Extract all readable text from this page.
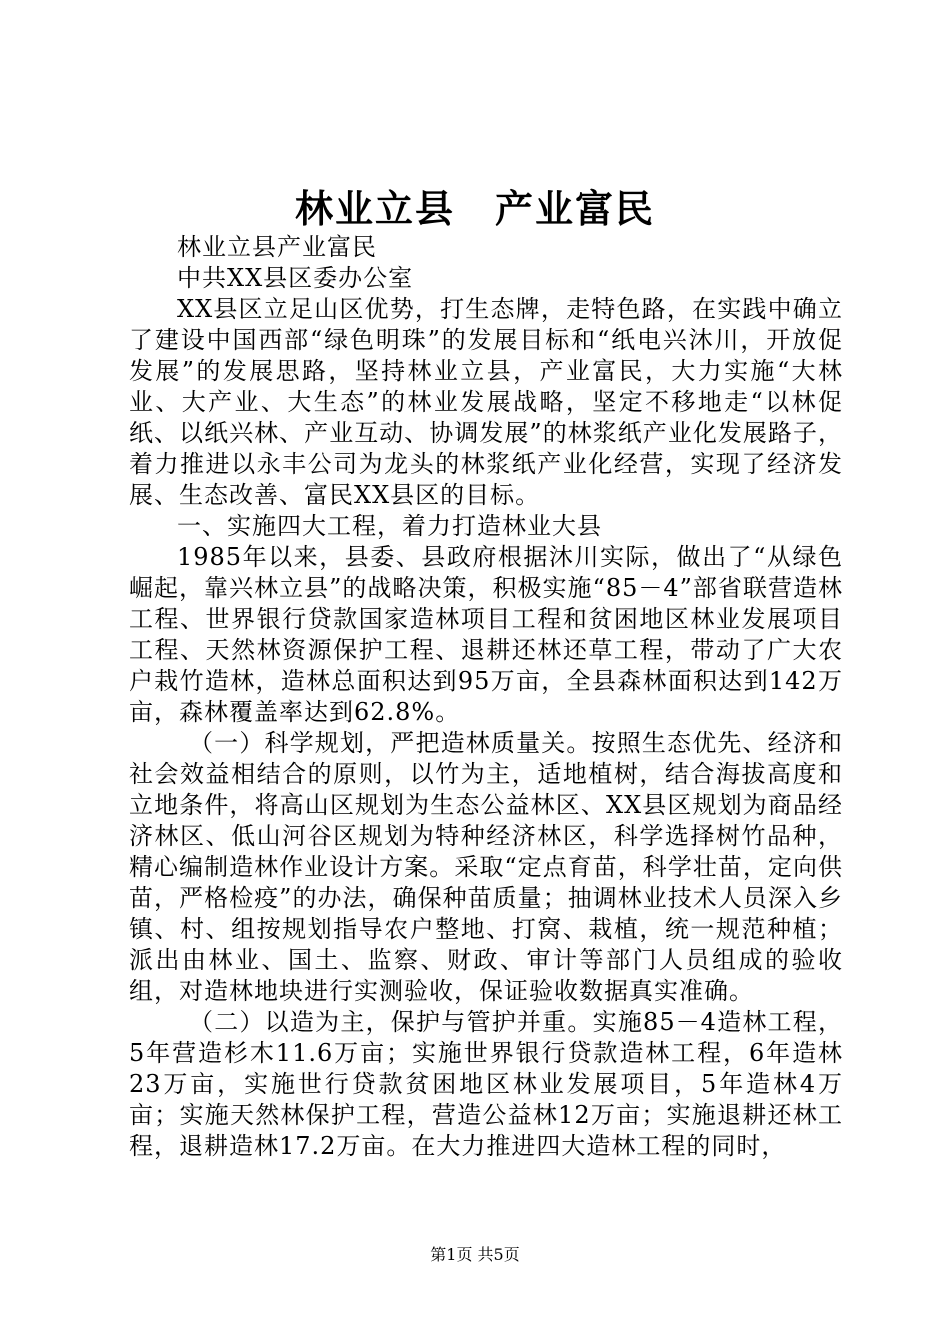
林业立县　产业富民

林业立县产业富民

中共XX县区委办公室

XX县区立足山区优势，打生态牌，走特色路，在实践中确立了建设中国西部“绿色明珠”的发展目标和“纸电兴沐川，开放促发展”的发展思路，坚持林业立县，产业富民，大力实施“大林业、大产业、大生态”的林业发展战略，坚定不移地走“以林促纸、以纸兴林、产业互动、协调发展”的林浆纸产业化发展路子，着力推进以永丰公司为龙头的林浆纸产业化经营，实现了经济发展、生态改善、富民XX县区的目标。

一、实施四大工程，着力打造林业大县

1985年以来，县委、县政府根据沐川实际，做出了“从绿色崛起，靠兴林立县”的战略决策，积极实施“85－4”部省联营造林工程、世界银行贷款国家造林项目工程和贫困地区林业发展项目工程、天然林资源保护工程、退耕还林还草工程，带动了广大农户栽竹造林，造林总面积达到95万亩，全县森林面积达到142万亩，森林覆盖率达到62.8%。

（一）科学规划，严把造林质量关。按照生态优先、经济和社会效益相结合的原则，以竹为主，适地植树，结合海拔高度和立地条件，将高山区规划为生态公益林区、XX县区规划为商品经济林区、低山河谷区规划为特种经济林区，科学选择树竹品种，精心编制造林作业设计方案。采取“定点育苗，科学壮苗，定向供苗，严格检疫”的办法，确保种苗质量；抽调林业技术人员深入乡镇、村、组按规划指导农户整地、打窝、栽植，统一规范种植；派出由林业、国土、监察、财政、审计等部门人员组成的验收组，对造林地块进行实测验收，保证验收数据真实准确。

（二）以造为主，保护与管护并重。实施85－4造林工程，5年营造杉木11.6万亩；实施世界银行贷款造林工程，6年造林23万亩，实施世行贷款贫困地区林业发展项目，5年造林4万亩；实施天然林保护工程，营造公益林12万亩；实施退耕还林工程，退耕造林17.2万亩。在大力推进四大造林工程的同时，

第1页 共5页
